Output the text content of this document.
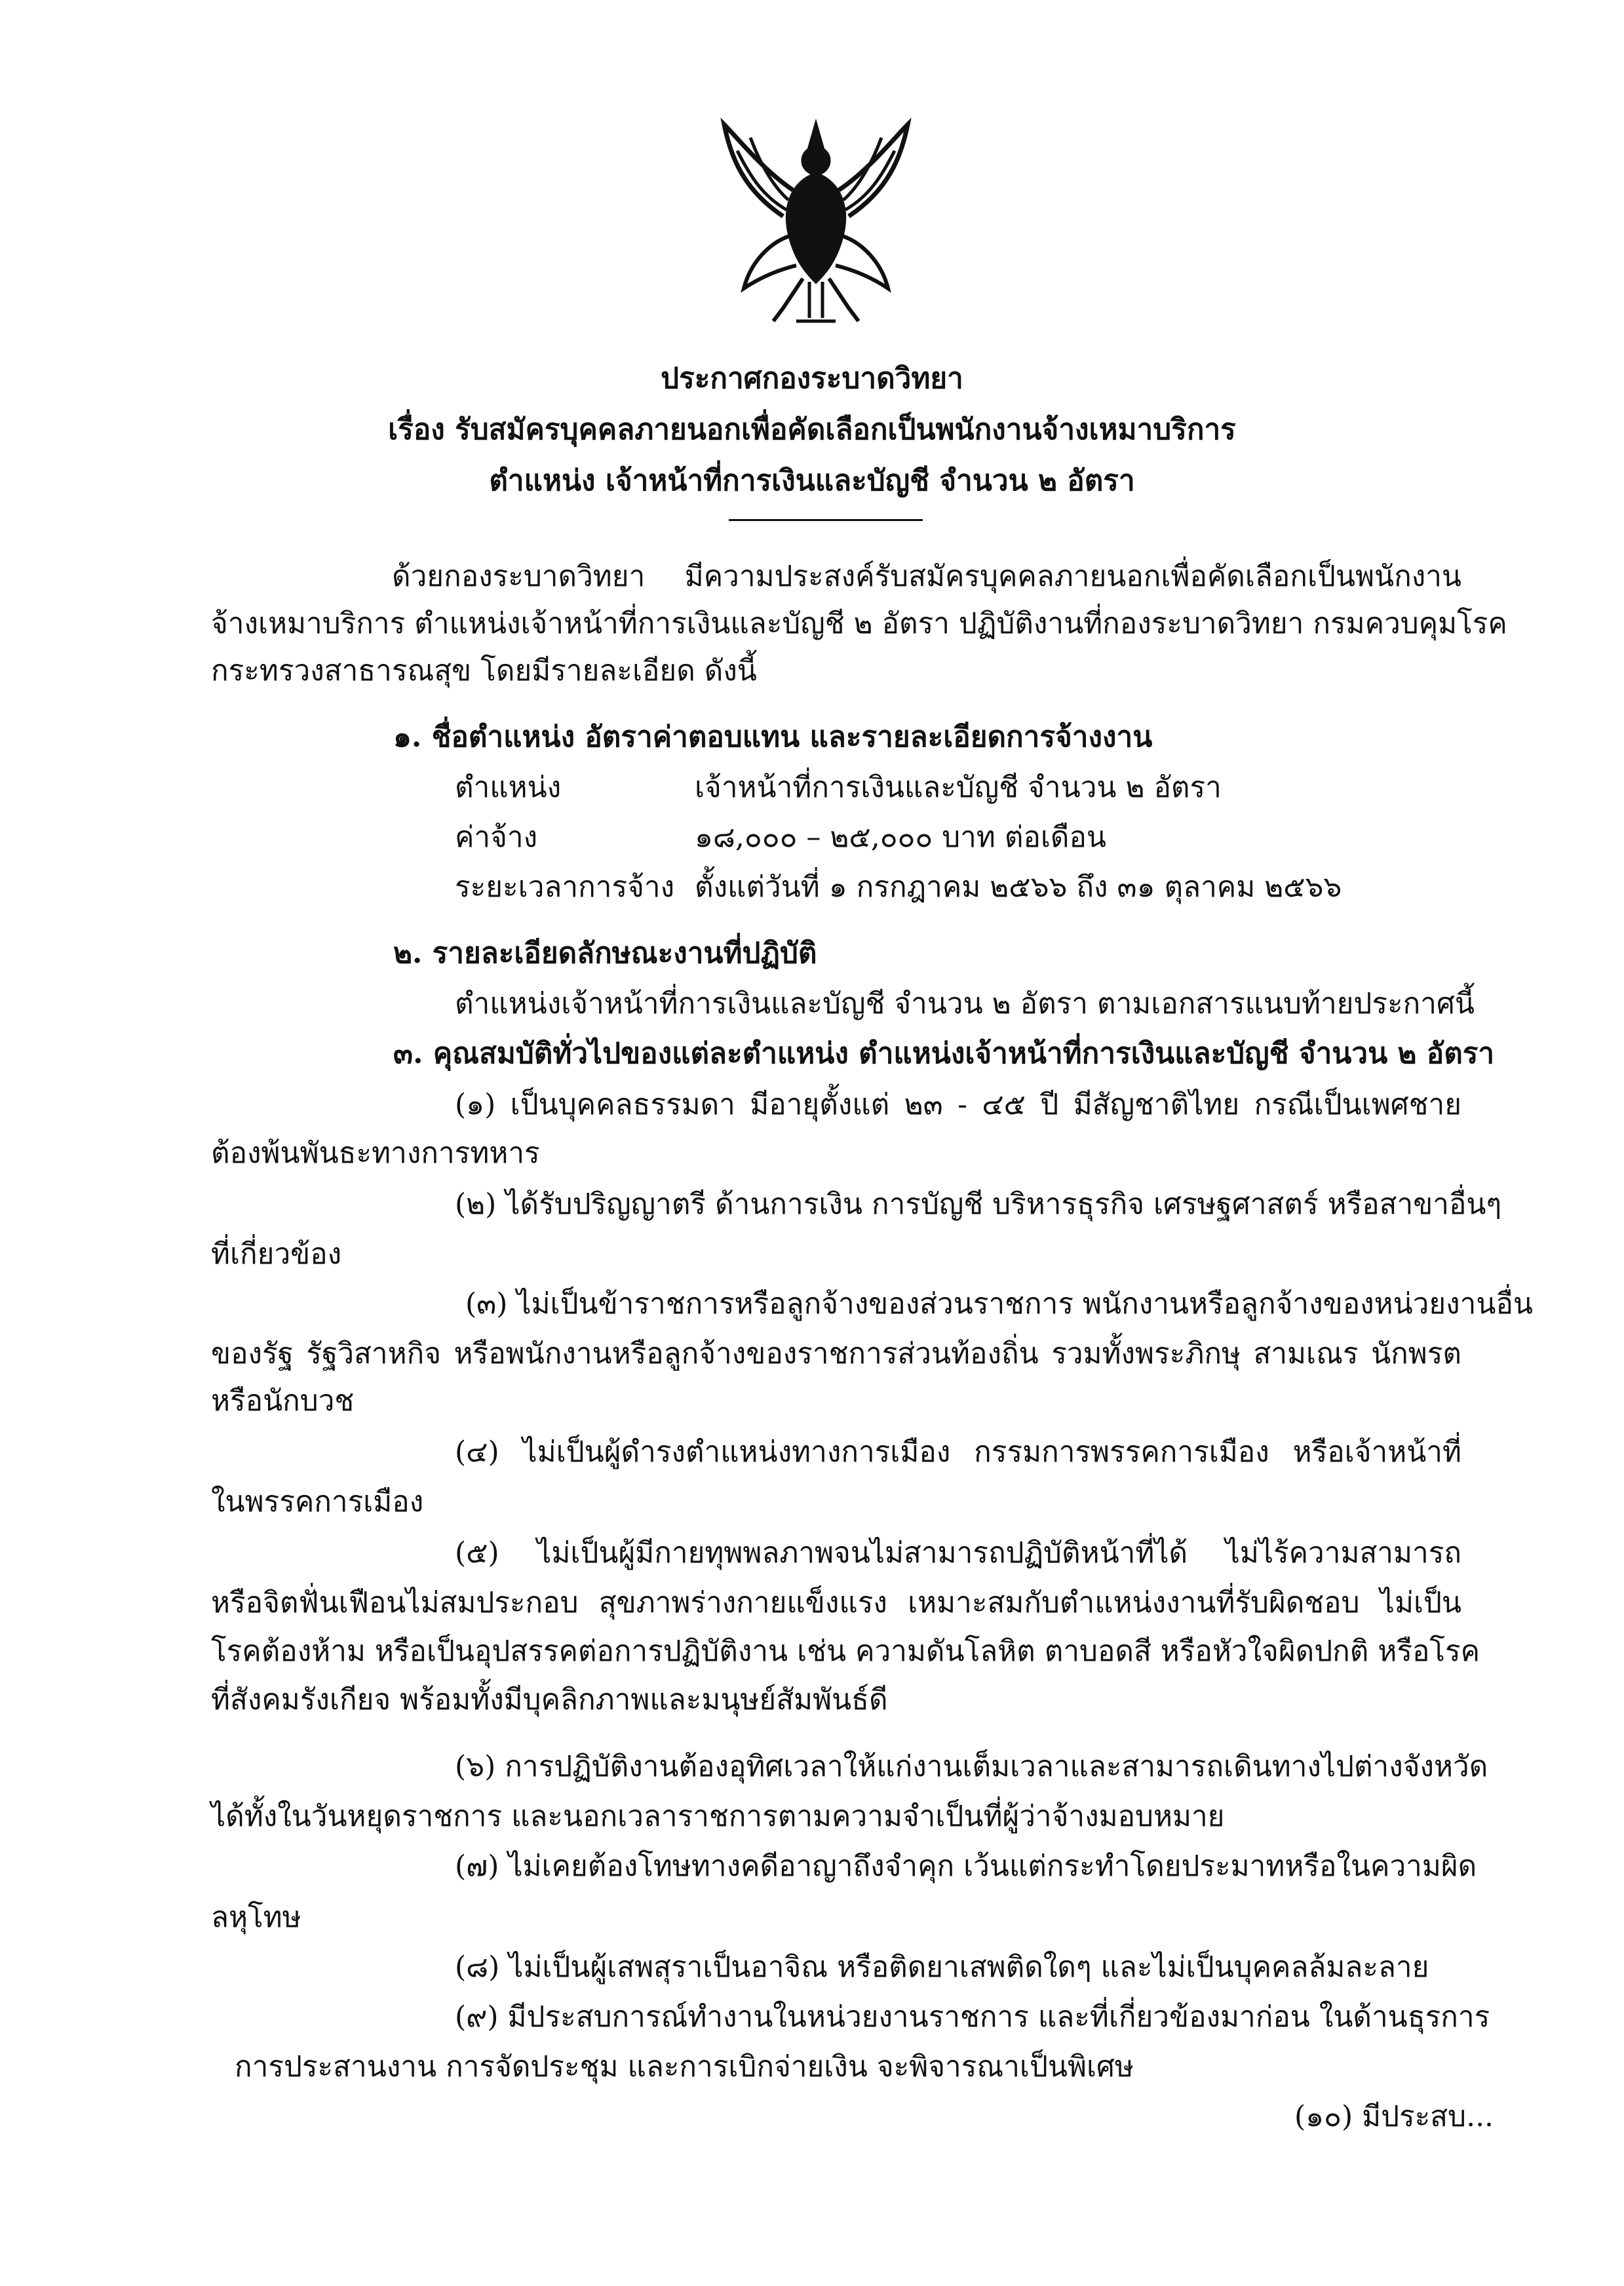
ประกาศกองระบาดวิทยา
เรื่อง รับสมัครบุคคลภายนอกเพื่อคัดเลือกเป็นพนักงานจ้างเหมาบริการ
ตำแหน่ง เจ้าหน้าที่การเงินและบัญชี จำนวน ๒ อัตรา
ด้วยกองระบาดวิทยา มีความประสงค์รับสมัครบุคคลภายนอกเพื่อคัดเลือกเป็นพนักงาน
จ้างเหมาบริการ ตำแหน่งเจ้าหน้าที่การเงินและบัญชี ๒ อัตรา ปฏิบัติงานที่กองระบาดวิทยา กรมควบคุมโรค
กระทรวงสาธารณสุข โดยมีรายละเอียด ดังนี้
๑. ชื่อตำแหน่ง อัตราค่าตอบแทน และรายละเอียดการจ้างงาน
ตำแหน่ง	เจ้าหน้าที่การเงินและบัญชี จำนวน ๒ อัตรา
ค่าจ้าง	๑๘,๐๐๐ – ๒๕,๐๐๐ บาท ต่อเดือน
ระยะเวลาการจ้าง ตั้งแต่วันที่ ๑ กรกฎาคม ๒๕๖๖ ถึง ๓๑ ตุลาคม ๒๕๖๖
๒. รายละเอียดลักษณะงานที่ปฏิบัติ
ตำแหน่งเจ้าหน้าที่การเงินและบัญชี จำนวน ๒ อัตรา ตามเอกสารแนบท้ายประกาศนี้
๓. คุณสมบัติทั่วไปของแต่ละตำแหน่ง ตำแหน่งเจ้าหน้าที่การเงินและบัญชี จำนวน ๒ อัตรา
(๑) เป็นบุคคลธรรมดา มีอายุตั้งแต่ ๒๓ - ๔๕ ปี มีสัญชาติไทย กรณีเป็นเพศชาย
ต้องพ้นพันธะทางการทหาร
(๒) ได้รับปริญญาตรี ด้านการเงิน การบัญชี บริหารธุรกิจ เศรษฐศาสตร์ หรือสาขาอื่นๆ
ที่เกี่ยวข้อง
(๓) ไม่เป็นข้าราชการหรือลูกจ้างของส่วนราชการ พนักงานหรือลูกจ้างของหน่วยงานอื่น
ของรัฐ รัฐวิสาหกิจ หรือพนักงานหรือลูกจ้างของราชการส่วนท้องถิ่น รวมทั้งพระภิกษุ สามเณร นักพรต
หรือนักบวช
(๔) ไม่เป็นผู้ดำรงตำแหน่งทางการเมือง กรรมการพรรคการเมือง หรือเจ้าหน้าที่
ในพรรคการเมือง
(๕) ไม่เป็นผู้มีกายทุพพลภาพจนไม่สามารถปฏิบัติหน้าที่ได้ ไม่ไร้ความสามารถ
หรือจิตฟั่นเฟือนไม่สมประกอบ สุขภาพร่างกายแข็งแรง เหมาะสมกับตำแหน่งงานที่รับผิดชอบ ไม่เป็น
โรคต้องห้าม หรือเป็นอุปสรรคต่อการปฏิบัติงาน เช่น ความดันโลหิต ตาบอดสี หรือหัวใจผิดปกติ หรือโรค
ที่สังคมรังเกียจ พร้อมทั้งมีบุคลิกภาพและมนุษย์สัมพันธ์ดี
(๖) การปฏิบัติงานต้องอุทิศเวลาให้แก่งานเต็มเวลาและสามารถเดินทางไปต่างจังหวัด
ได้ทั้งในวันหยุดราชการ และนอกเวลาราชการตามความจำเป็นที่ผู้ว่าจ้างมอบหมาย
(๗) ไม่เคยต้องโทษทางคดีอาญาถึงจำคุก เว้นแต่กระทำโดยประมาทหรือในความผิด
ลหุโทษ
(๘) ไม่เป็นผู้เสพสุราเป็นอาจิณ หรือติดยาเสพติดใดๆ และไม่เป็นบุคคลล้มละลาย
(๙) มีประสบการณ์ทำงานในหน่วยงานราชการ และที่เกี่ยวข้องมาก่อน ในด้านธุรการ
การประสานงาน การจัดประชุม และการเบิกจ่ายเงิน จะพิจารณาเป็นพิเศษ
(๑๐) มีประสบ...
